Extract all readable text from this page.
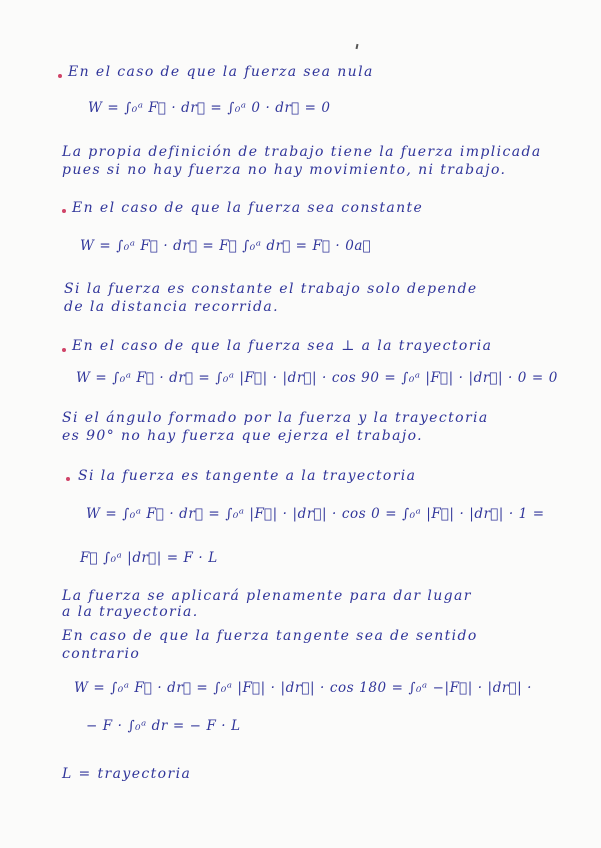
En el caso de que la fuerza sea nula
W = ∫₀ᵃ F⃗ · dr⃗ = ∫₀ᵃ 0 · dr⃗ = 0
La propia definición de trabajo tiene la fuerza implicada
pues si no hay fuerza no hay movimiento, ni trabajo.
En el caso de que la fuerza sea constante
W = ∫₀ᵃ F⃗ · dr⃗ = F⃗ ∫₀ᵃ dr⃗ = F⃗ · 0a⃗
Si la fuerza es constante el trabajo solo depende
de la distancia recorrida.
En el caso de que la fuerza sea ⊥ a la trayectoria
W = ∫₀ᵃ F⃗ · dr⃗ = ∫₀ᵃ |F⃗| · |dr⃗| · cos 90 = ∫₀ᵃ |F⃗| · |dr⃗| · 0 = 0
Si el ángulo formado por la fuerza y la trayectoria
es 90° no hay fuerza que ejerza el trabajo.
Si la fuerza es tangente a la trayectoria
W = ∫₀ᵃ F⃗ · dr⃗ = ∫₀ᵃ |F⃗| · |dr⃗| · cos 0 = ∫₀ᵃ |F⃗| · |dr⃗| · 1 =
F⃗ ∫₀ᵃ |dr⃗| = F · L
La fuerza se aplicará plenamente para dar lugar
a la trayectoria.
En caso de que la fuerza tangente sea de sentido
contrario
W = ∫₀ᵃ F⃗ · dr⃗ = ∫₀ᵃ |F⃗| · |dr⃗| · cos 180 = ∫₀ᵃ −|F⃗| · |dr⃗| ·
− F · ∫₀ᵃ dr = − F · L
L = trayectoria
